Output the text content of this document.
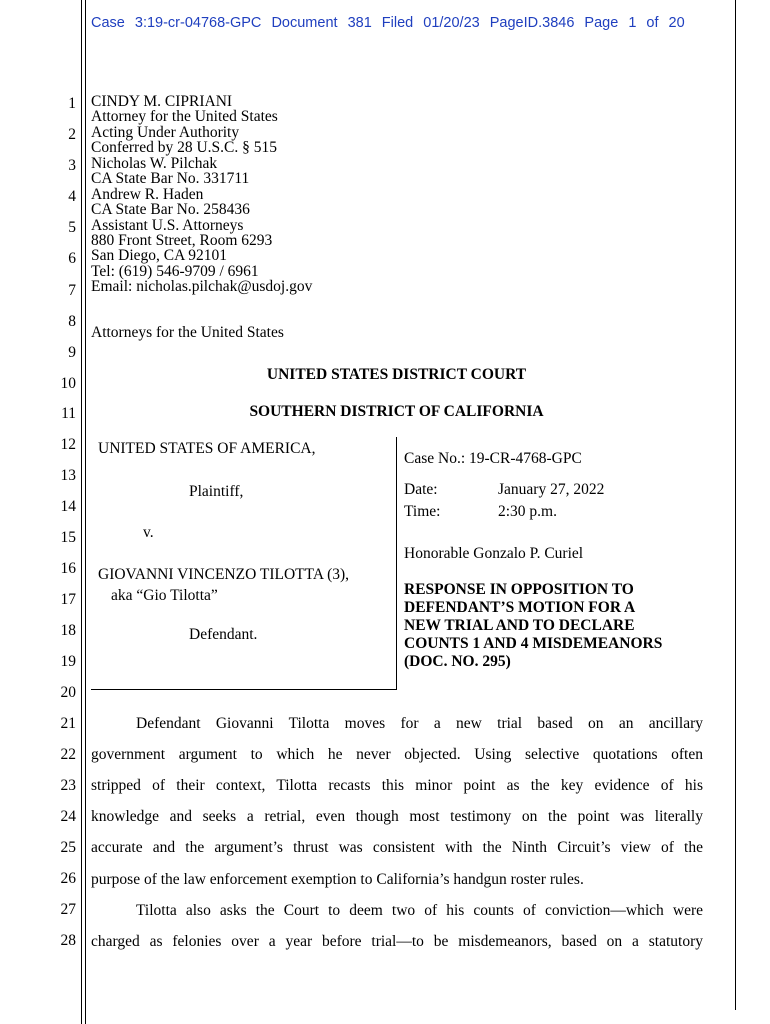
Case 3:19-cr-04768-GPC Document 381 Filed 01/20/23 PageID.3846 Page 1 of 20
1
2
3
4
5
6
7
8
9
10
11
12
13
14
15
16
17
18
19
20
21
22
23
24
25
26
27
28
CINDY M. CIPRIANI
Attorney for the United States
Acting Under Authority
Conferred by 28 U.S.C. § 515
Nicholas W. Pilchak
CA State Bar No. 331711
Andrew R. Haden
CA State Bar No. 258436
Assistant U.S. Attorneys
880 Front Street, Room 6293
San Diego, CA 92101
Tel: (619) 546-9709 / 6961
Email: nicholas.pilchak@usdoj.gov
Attorneys for the United States
UNITED STATES DISTRICT COURT
SOUTHERN DISTRICT OF CALIFORNIA
UNITED STATES OF AMERICA,
Plaintiff,
v.
GIOVANNI VINCENZO TILOTTA (3),
aka “Gio Tilotta”
Defendant.
Case No.: 19-CR-4768-GPC
Date:	January 27, 2022
Time:	2:30 p.m.
Honorable Gonzalo P. Curiel
RESPONSE IN OPPOSITION TO
DEFENDANT’S MOTION FOR A
NEW TRIAL AND TO DECLARE
COUNTS 1 AND 4 MISDEMEANORS
(DOC. NO. 295)
Defendant Giovanni Tilotta moves for a new trial based on an ancillary
government argument to which he never objected. Using selective quotations often
stripped of their context, Tilotta recasts this minor point as the key evidence of his
knowledge and seeks a retrial, even though most testimony on the point was literally
accurate and the argument’s thrust was consistent with the Ninth Circuit’s view of the
purpose of the law enforcement exemption to California’s handgun roster rules.
Tilotta also asks the Court to deem two of his counts of conviction—which were
charged as felonies over a year before trial—to be misdemeanors, based on a statutory
